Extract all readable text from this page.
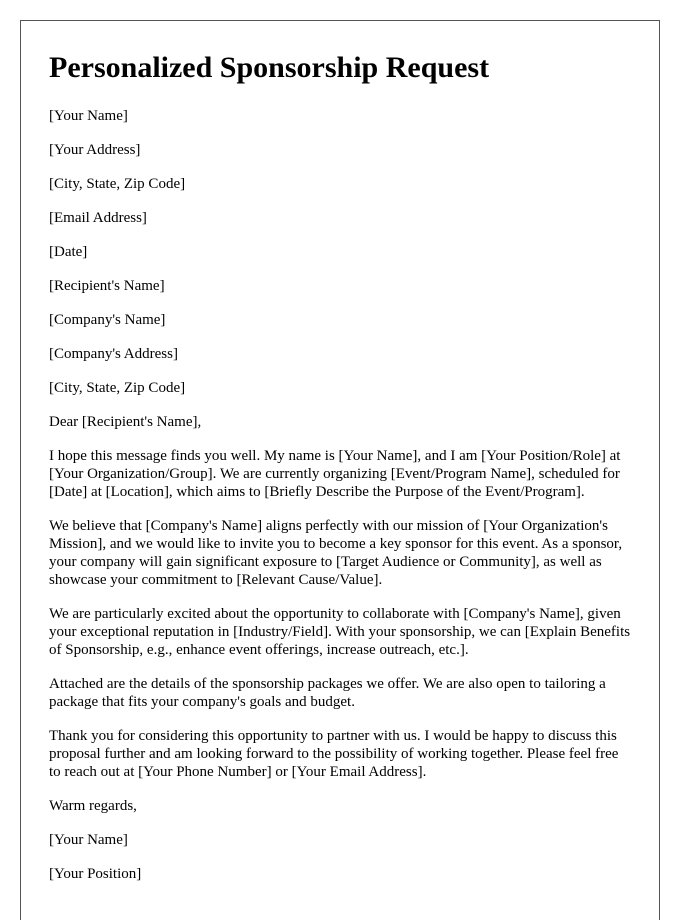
Personalized Sponsorship Request

[Your Name]

[Your Address]

[City, State, Zip Code]

[Email Address]

[Date]

[Recipient's Name]

[Company's Name]

[Company's Address]

[City, State, Zip Code]

Dear [Recipient's Name],

I hope this message finds you well. My name is [Your Name], and I am [Your Position/Role] at [Your Organization/Group]. We are currently organizing [Event/Program Name], scheduled for [Date] at [Location], which aims to [Briefly Describe the Purpose of the Event/Program].

We believe that [Company's Name] aligns perfectly with our mission of [Your Organization's Mission], and we would like to invite you to become a key sponsor for this event. As a sponsor, your company will gain significant exposure to [Target Audience or Community], as well as showcase your commitment to [Relevant Cause/Value].

We are particularly excited about the opportunity to collaborate with [Company's Name], given your exceptional reputation in [Industry/Field]. With your sponsorship, we can [Explain Benefits of Sponsorship, e.g., enhance event offerings, increase outreach, etc.].

Attached are the details of the sponsorship packages we offer. We are also open to tailoring a package that fits your company's goals and budget.

Thank you for considering this opportunity to partner with us. I would be happy to discuss this proposal further and am looking forward to the possibility of working together. Please feel free to reach out at [Your Phone Number] or [Your Email Address].

Warm regards,

[Your Name]

[Your Position]
